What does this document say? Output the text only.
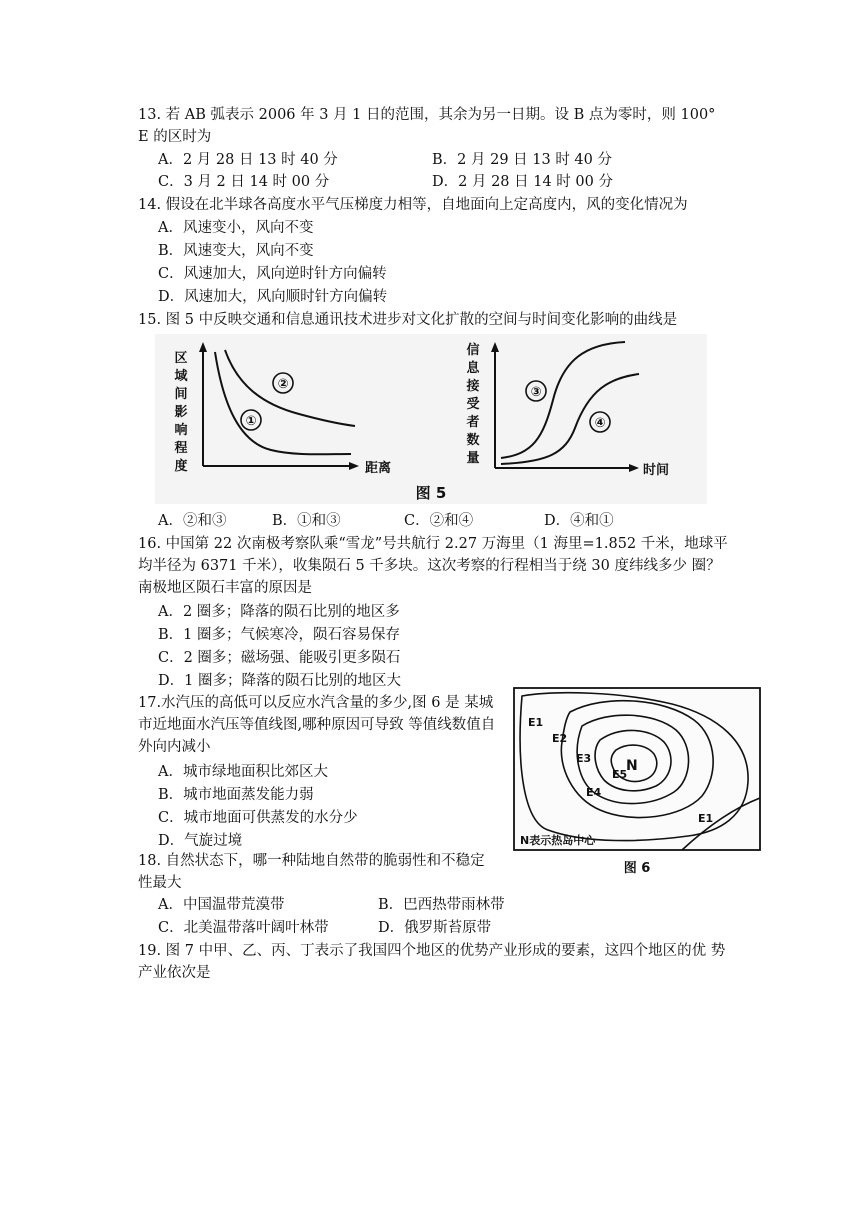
13. 若 AB 弧表示 2006 年 3 月 1 日的范围，其余为另一日期。设 B 点为零时，则 100° E 的区时为
A．2 月 28 日 13 时 40 分	B．2 月 29 日 13 时 40 分
C．3 月 2 日 14 时 00 分	D．2 月 28 日 14 时 00 分
14. 假设在北半球各高度水平气压梯度力相等，自地面向上定高度内，风的变化情况为
A．风速变小，风向不变
B．风速变大，风向不变
C．风速加大，风向逆时针方向偏转
D．风速加大，风向顺时针方向偏转
15. 图 5 中反映交通和信息通讯技术进步对文化扩散的空间与时间变化影响的曲线是
区
域
间
影
响
程
度	距离
①
②
信
息
接
受
者
数
量
时间
③
④
图 5
A．②和③	B．①和③	C．②和④	D．④和①
16. 中国第 22 次南极考察队乘“雪龙”号共航行 2.27 万海里（1 海里=1.852 千米，地球平 均半径为 6371 千米），收集陨石 5 千多块。这次考察的行程相当于绕 30 度纬线多少 圈？南极地区陨石丰富的原因是
A．2 圈多；降落的陨石比别的地区多
B．1 圈多；气候寒冷，陨石容易保存
C．2 圈多；磁场强、能吸引更多陨石
D．1 圈多；降落的陨石比别的地区大
17.水汽压的高低可以反应水汽含量的多少,图 6 是 某城市近地面水汽压等值线图,哪种原因可导致 等值线数值自外向内减小
A．城市绿地面积比郊区大
B．城市地面蒸发能力弱
C．城市地面可供蒸发的水分少
D．气旋过境
E1
E2
E3 N
E5
E4
E1
N表示热岛中心
图 6
18. 自然状态下，哪一种陆地自然带的脆弱性和不稳定性最大
A．中国温带荒漠带	B．巴西热带雨林带
C．北美温带落叶阔叶林带	D．俄罗斯苔原带
19. 图 7 中甲、乙、丙、丁表示了我国四个地区的优势产业形成的要素，这四个地区的优 势产业依次是
